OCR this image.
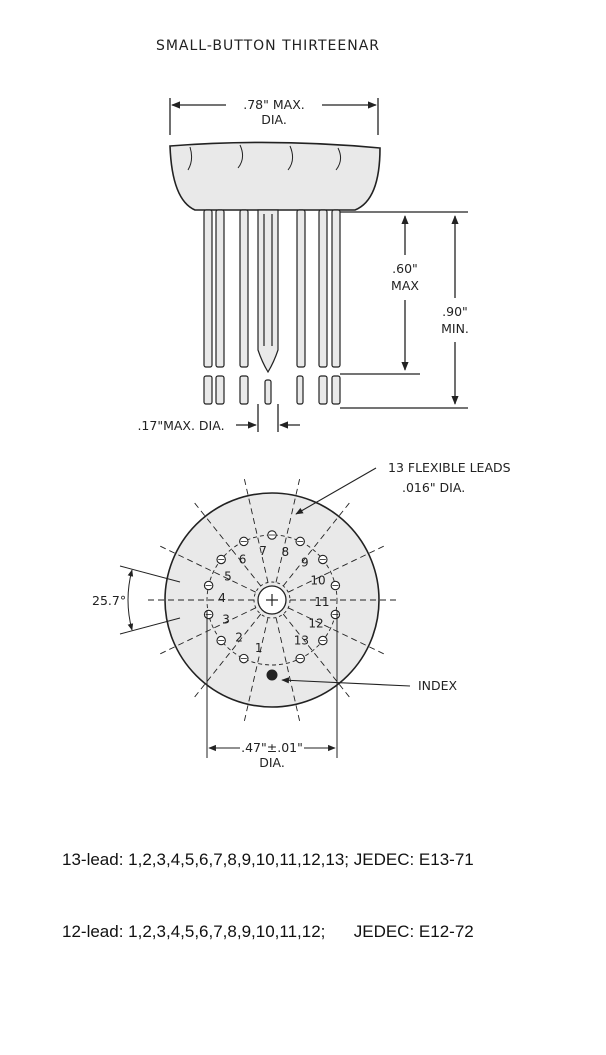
SMALL-BUTTON THIRTEENAR
.78" MAX.
DIA.
.60"
MAX
.90"
MIN.
.17"MAX. DIA.
13 FLEXIBLE LEADS
.016" DIA.
25.7°
INDEX
.47"±.01"
DIA.
1
2
3
4
5
6
7 8
9
10
11
12
13

13-lead: 1,2,3,4,5,6,7,8,9,10,11,12,13; JEDEC: E13-71

12-lead: 1,2,3,4,5,6,7,8,9,10,11,12;      JEDEC: E12-72
